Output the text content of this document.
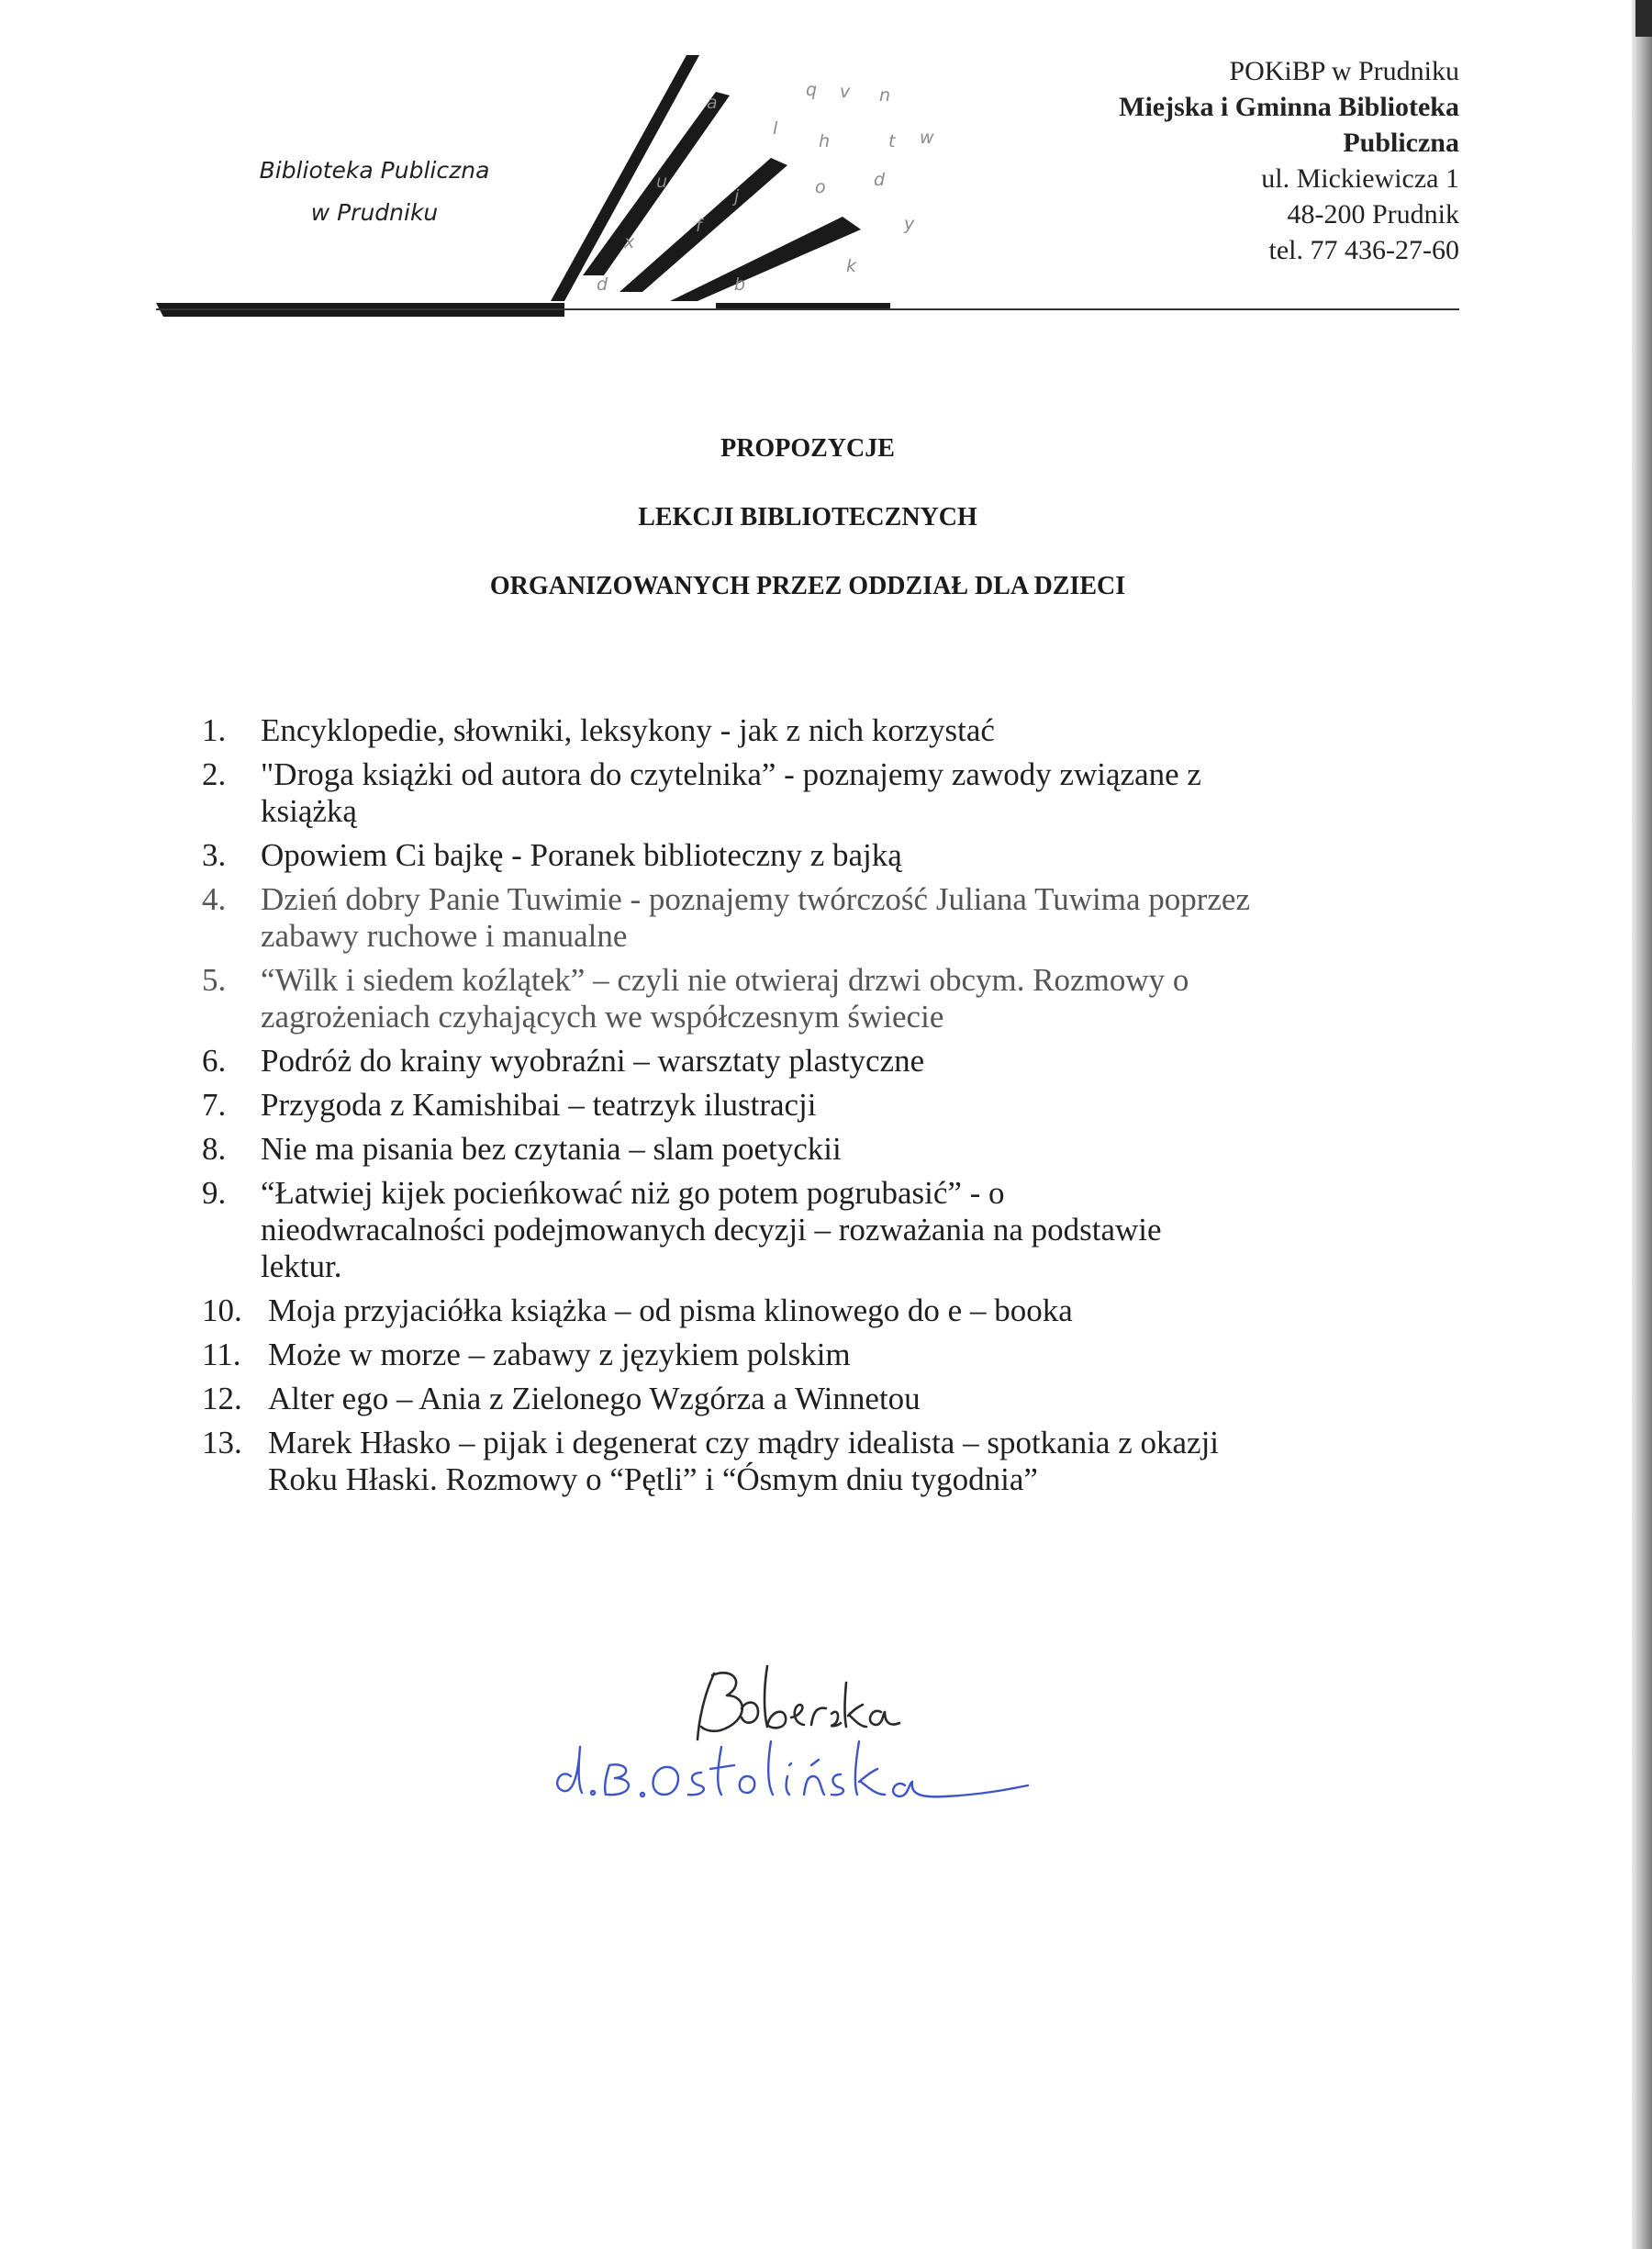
Biblioteka Publiczna
w Prudniku
a
q v n
l
h	t w
u
j	o	d
f	y
x
b
k
d
POKiBP w Prudniku
Miejska i Gminna Biblioteka
Publiczna
ul. Mickiewicza 1
48-200 Prudnik
tel. 77 436-27-60
PROPOZYCJE
LEKCJI BIBLIOTECZNYCH
ORGANIZOWANYCH PRZEZ ODDZIAŁ DLA DZIECI
1. Encyklopedie, słowniki, leksykony - jak z nich korzystać
2. "Droga książki od autora do czytelnika” - poznajemy zawody związane z
książką
3. Opowiem Ci bajkę - Poranek biblioteczny z bajką
4. Dzień dobry Panie Tuwimie - poznajemy twórczość Juliana Tuwima poprzez
zabawy ruchowe i manualne
5. “Wilk i siedem koźlątek” – czyli nie otwieraj drzwi obcym. Rozmowy o
zagrożeniach czyhających we współczesnym świecie
6. Podróż do krainy wyobraźni – warsztaty plastyczne
7. Przygoda z Kamishibai – teatrzyk ilustracji
8. Nie ma pisania bez czytania – slam poetyckii
9. “Łatwiej kijek pocieńkować niż go potem pogrubasić” - o
nieodwracalności podejmowanych decyzji – rozważania na podstawie
lektur.
10. Moja przyjaciółka książka – od pisma klinowego do e – booka
11. Może w morze – zabawy z językiem polskim
12. Alter ego – Ania z Zielonego Wzgórza a Winnetou
13. Marek Hłasko – pijak i degenerat czy mądry idealista – spotkania z okazji
Roku Hłaski. Rozmowy o “Pętli” i “Ósmym dniu tygodnia”
